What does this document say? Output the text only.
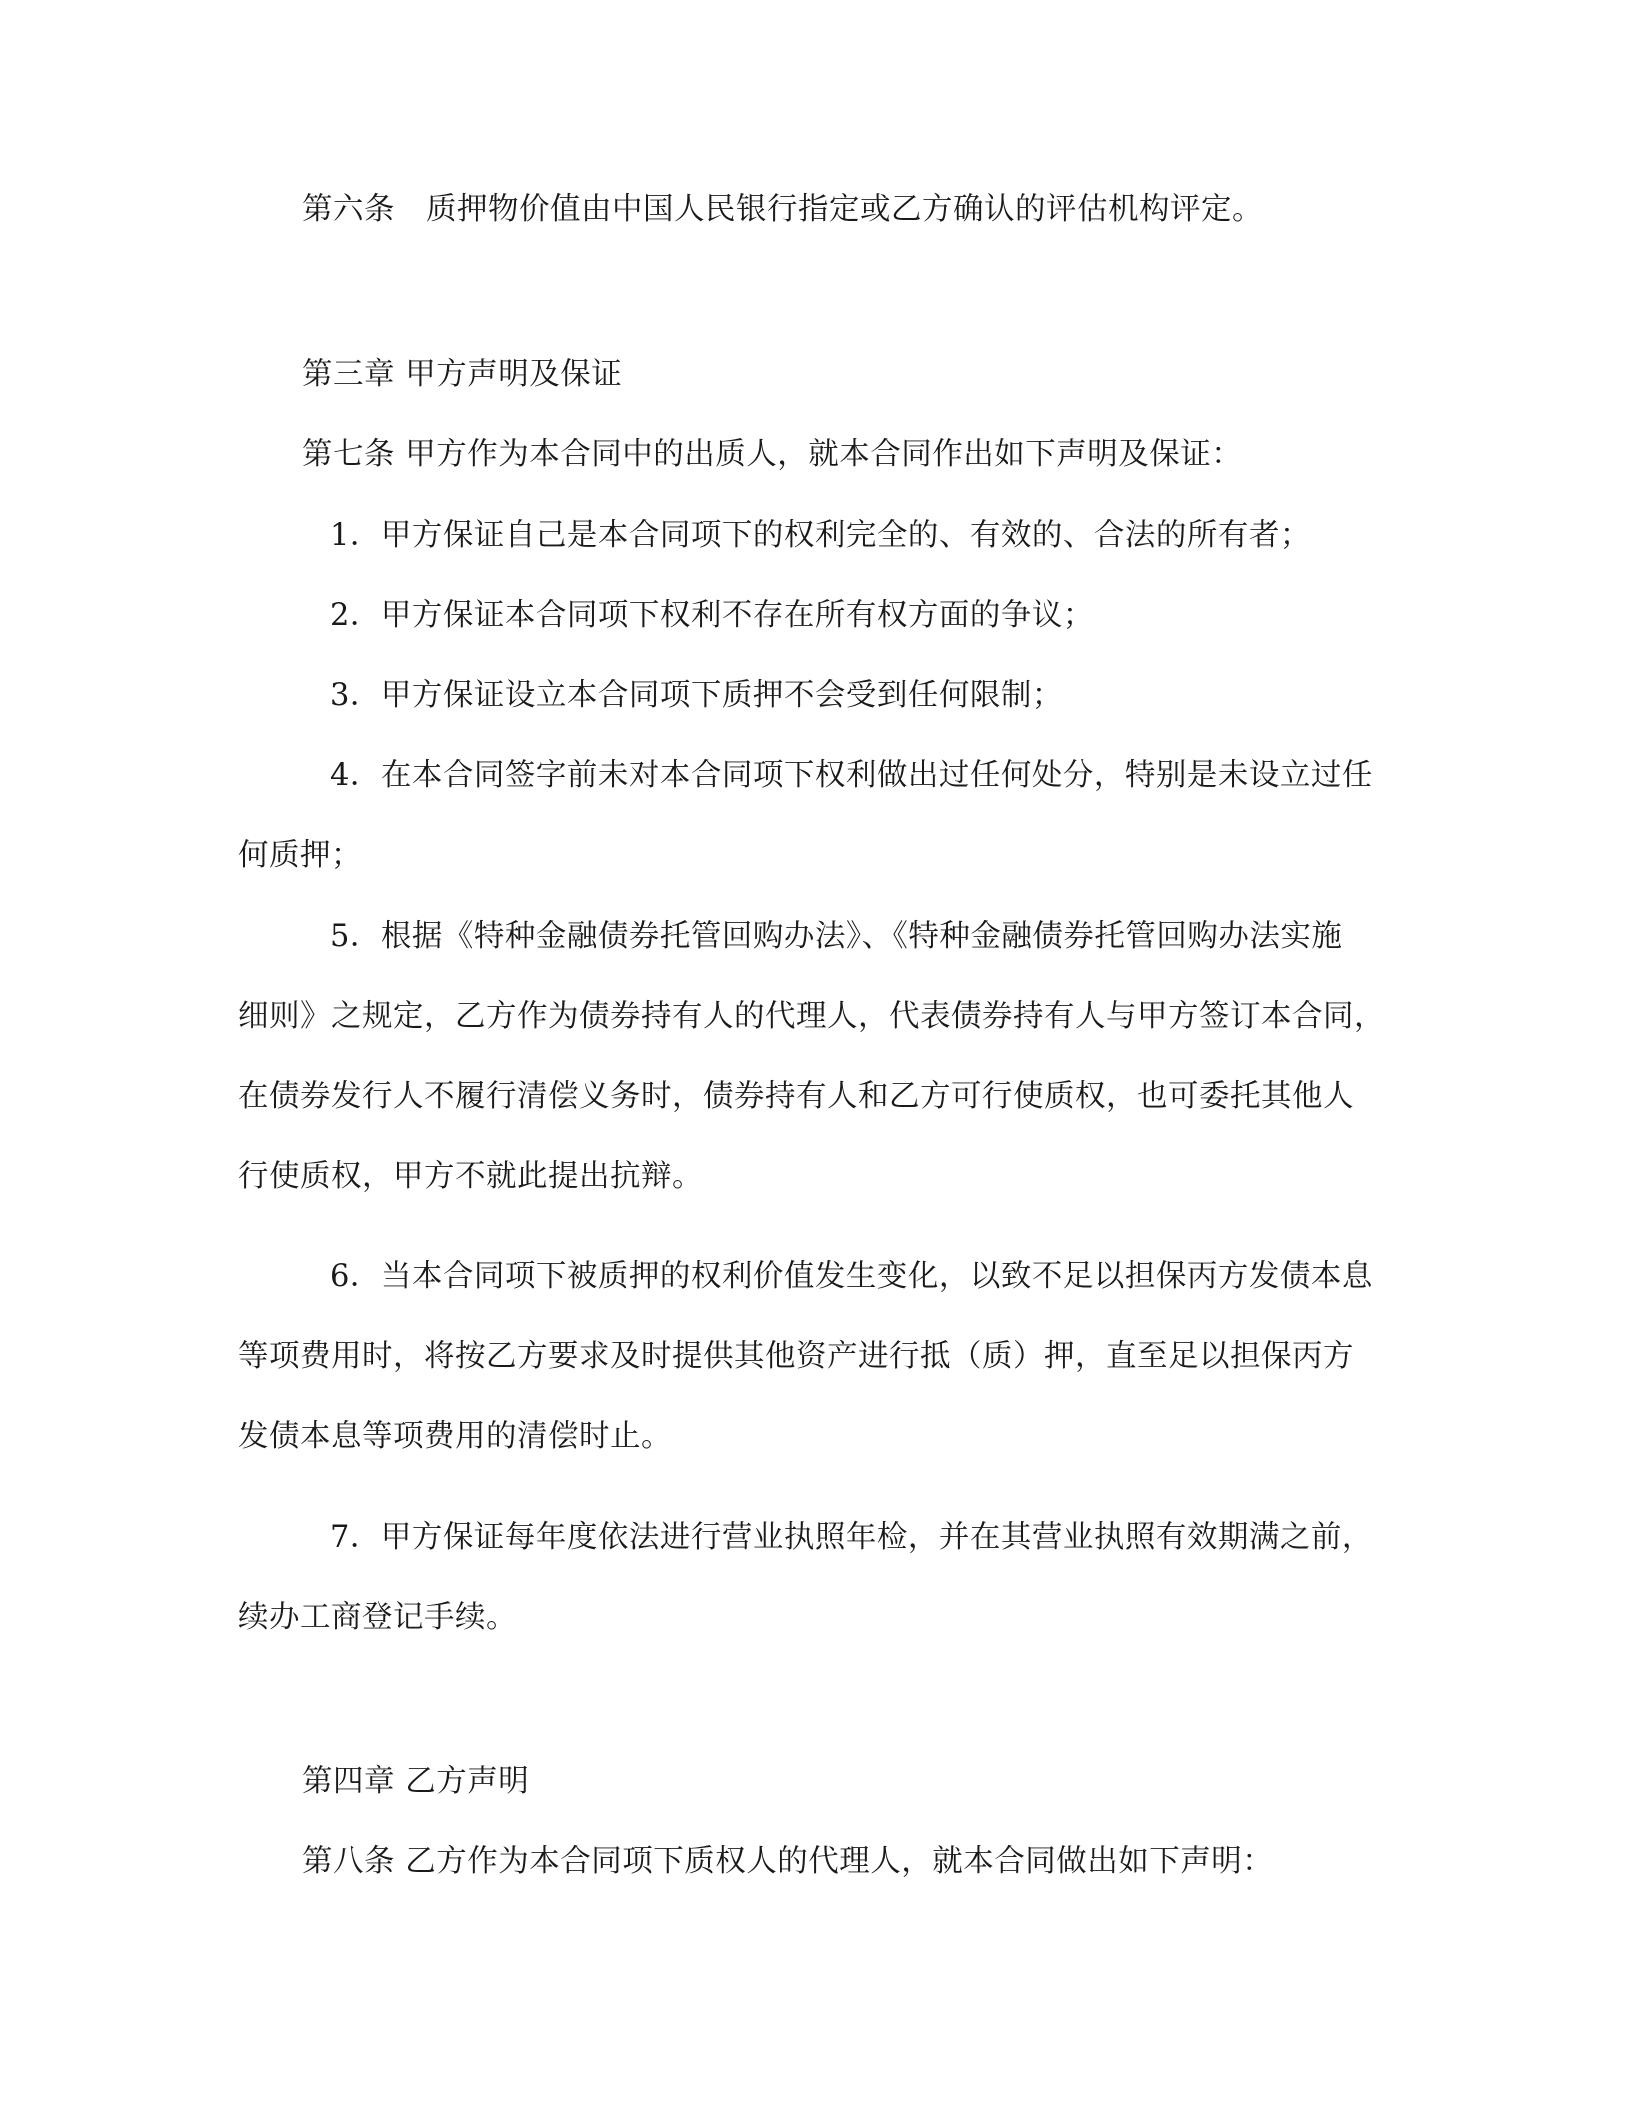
第六条　质押物价值由中国人民银行指定或乙方确认的评估机构评定。

第三章 甲方声明及保证

第七条 甲方作为本合同中的出质人，就本合同作出如下声明及保证：

1．甲方保证自己是本合同项下的权利完全的、有效的、合法的所有者；

2．甲方保证本合同项下权利不存在所有权方面的争议；

3．甲方保证设立本合同项下质押不会受到任何限制；

4．在本合同签字前未对本合同项下权利做出过任何处分，特别是未设立过任

何质押；

5．根据《特种金融债券托管回购办法》、《特种金融债券托管回购办法实施

细则》之规定，乙方作为债券持有人的代理人，代表债券持有人与甲方签订本合同，

在债券发行人不履行清偿义务时，债券持有人和乙方可行使质权，也可委托其他人

行使质权，甲方不就此提出抗辩。

6．当本合同项下被质押的权利价值发生变化，以致不足以担保丙方发债本息

等项费用时，将按乙方要求及时提供其他资产进行抵（质）押，直至足以担保丙方

发债本息等项费用的清偿时止。

7．甲方保证每年度依法进行营业执照年检，并在其营业执照有效期满之前，

续办工商登记手续。

第四章 乙方声明

第八条 乙方作为本合同项下质权人的代理人，就本合同做出如下声明：
